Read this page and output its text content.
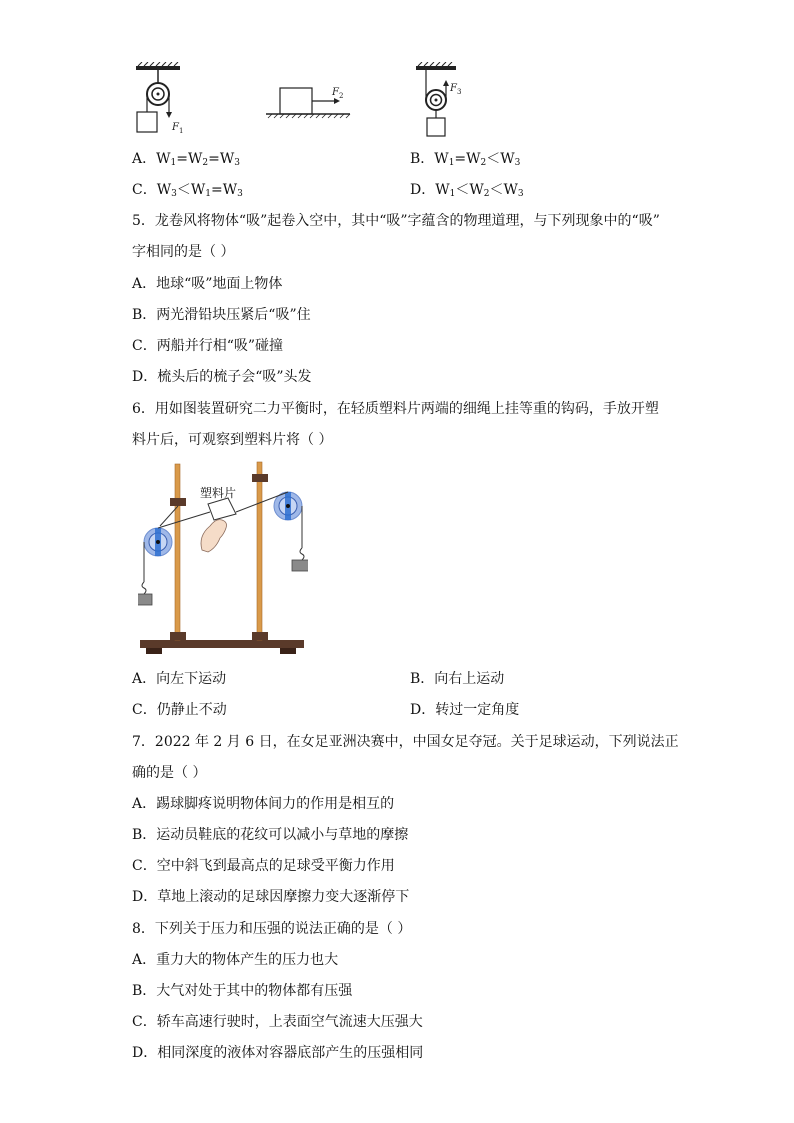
F 1
F 2
F 3
A．$W_1=W_2=W_3$	B．$W_1=W_2<W_3$
C．$W_3<W_1=W_3$	D．$W_1<W_2<W_3$
5．龙卷风将物体“吸”起卷入空中，其中“吸”字蕴含的物理道理，与下列现象中的“吸”
字相同的是（ ）
A．地球“吸”地面上物体
B．两光滑铅块压紧后“吸”住
C．两船并行相“吸”碰撞
D．梳头后的梳子会“吸”头发
6．用如图装置研究二力平衡时，在轻质塑料片两端的细绳上挂等重的钩码，手放开塑
料片后，可观察到塑料片将（ ）
塑料片
A．向左下运动	B．向右上运动
C．仍静止不动	D．转过一定角度
7．2022 年 2 月 6 日，在女足亚洲决赛中，中国女足夺冠。关于足球运动，下列说法正
确的是（ ）
A．踢球脚疼说明物体间力的作用是相互的
B．运动员鞋底的花纹可以减小与草地的摩擦
C．空中斜飞到最高点的足球受平衡力作用
D．草地上滚动的足球因摩擦力变大逐渐停下
8．下列关于压力和压强的说法正确的是（ ）
A．重力大的物体产生的压力也大
B．大气对处于其中的物体都有压强
C．轿车高速行驶时，上表面空气流速大压强大
D．相同深度的液体对容器底部产生的压强相同
